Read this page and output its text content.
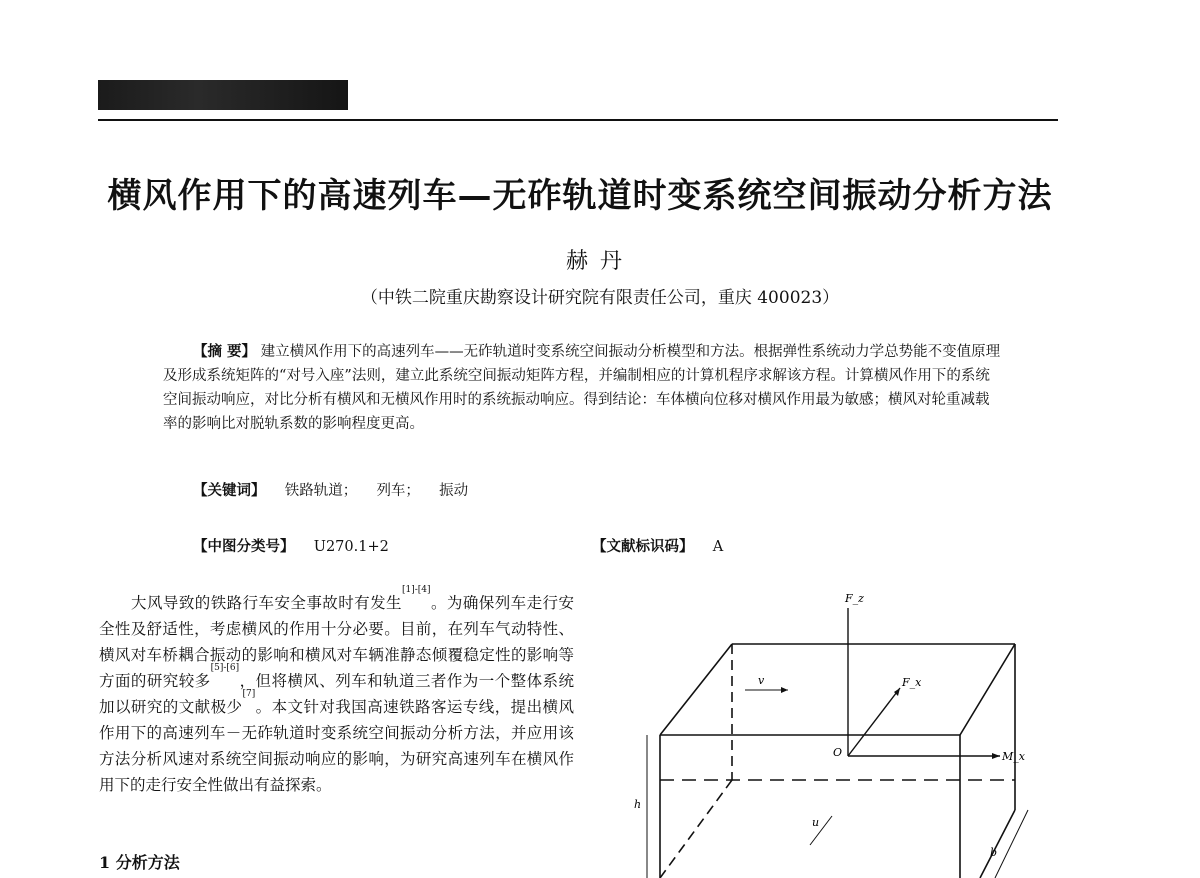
横风作用下的高速列车—无砟轨道时变系统空间振动分析方法
赫丹
（中铁二院重庆勘察设计研究院有限责任公司，重庆 400023）

【摘 要】 建立横风作用下的高速列车——无砟轨道时变系统空间振动分析模型和方法。根据弹性系统动力学总势能不变值原理及形成系统矩阵的“对号入座”法则，建立此系统空间振动矩阵方程，并编制相应的计算机程序求解该方程。计算横风作用下的系统空间振动响应，对比分析有横风和无横风作用时的系统振动响应。得到结论：车体横向位移对横风作用最为敏感；横风对轮重减载率的影响比对脱轨系数的影响程度更高。

【关键词】 铁路轨道； 列车； 振动
【中图分类号】 U270.1+2	【文献标识码】 A

大风导致的铁路行车安全事故时有发生[1]-[4]。为确保列车走行安全性及舒适性，考虑横风的作用十分必要。目前，在列车气动特性、横风对车桥耦合振动的影响和横风对车辆准静态倾覆稳定性的影响等方面的研究较多[5]-[6]，但将横风、列车和轨道三者作为一个整体系统加以研究的文献极少[7]。本文针对我国高速铁路客运专线，提出横风作用下的高速列车－无砟轨道时变系统空间振动分析方法，并应用该方法分析风速对系统空间振动响应的影响，为研究高速列车在横风作用下的走行安全性做出有益探索。

1 分析方法
F_z
F_x
M_x
O
v
u
h
b
